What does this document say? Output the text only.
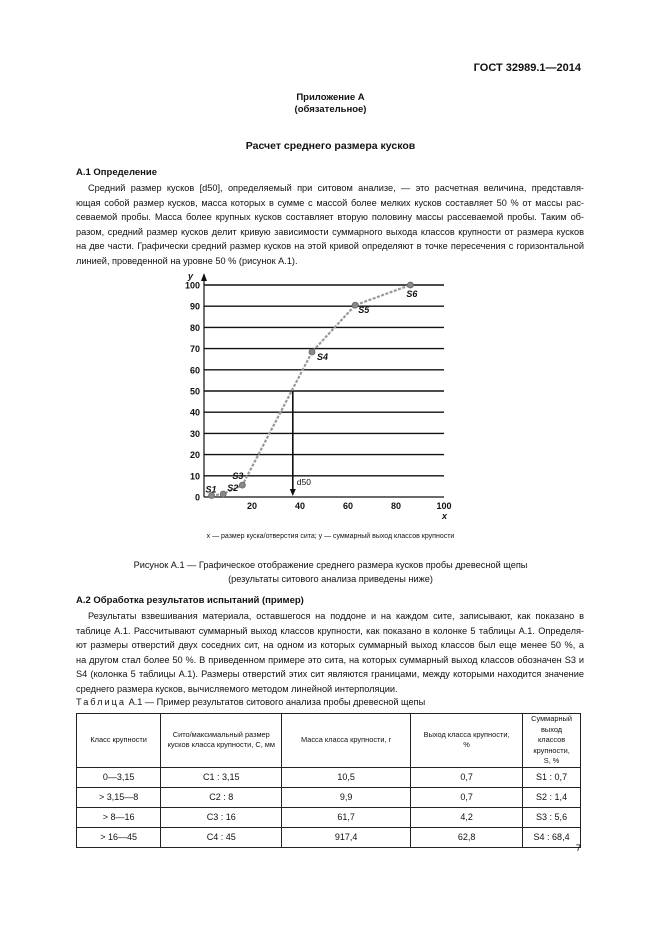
ГОСТ 32989.1—2014
Приложение А
(обязательное)
Расчет среднего размера кусков
А.1 Определение
Средний размер кусков [d50], определяемый при ситовом анализе, — это расчетная величина, представля-
ющая собой размер кусков, масса которых в сумме с массой более мелких кусков составляет 50 % от массы рас-
севаемой пробы. Масса более крупных кусков составляет вторую половину массы рассеваемой пробы. Таким об-
разом, средний размер кусков делит кривую зависимости суммарного выхода классов крупности от размера кусков
на две части. Графически средний размер кусков на этой кривой определяют в точке пересечения с горизонтальной
линией, проведенной на уровне 50 % (рисунок А.1).
0
10
20
30
40
50
60
70
80
90
100
20	40	60	80	100
y
x
S1 S2
S3
S4
S5
S6
d50
x — размер куска/отверстия сита; y — суммарный выход классов крупности
Рисунок А.1 — Графическое отображение среднего размера кусков пробы древесной щепы
(результаты ситового анализа приведены ниже)
А.2 Обработка результатов испытаний (пример)
Результаты взвешивания материала, оставшегося на поддоне и на каждом сите, записывают, как показано в
таблице А.1. Рассчитывают суммарный выход классов крупности, как показано в колонке 5 таблицы А.1. Определя-
ют размеры отверстий двух соседних сит, на одном из которых суммарный выход классов был еще менее 50 %, а
на другом стал более 50 %. В приведенном примере это сита, на которых суммарный выход классов обозначен S3 и
S4 (колонка 5 таблицы А.1). Размеры отверстий этих сит являются границами, между которыми находится значение
среднего размера кусков, вычисляемого методом линейной интерполяции.
Таблица А.1 — Пример результатов ситового анализа пробы древесной щепы
Класс крупности	Сито/максимальный размер кусков класса крупности, C, мм	Масса класса крупности, г	Выход класса крупности, %	Суммарный выход классов крупности, S, %
0—3,15	C1 : 3,15	10,5	0,7	S1 : 0,7
> 3,15—8	C2 : 8	9,9	0,7	S2 : 1,4
> 8—16	C3 : 16	61,7	4,2	S3 : 5,6
> 16—45	C4 : 45	917,4	62,8	S4 : 68,4
7
